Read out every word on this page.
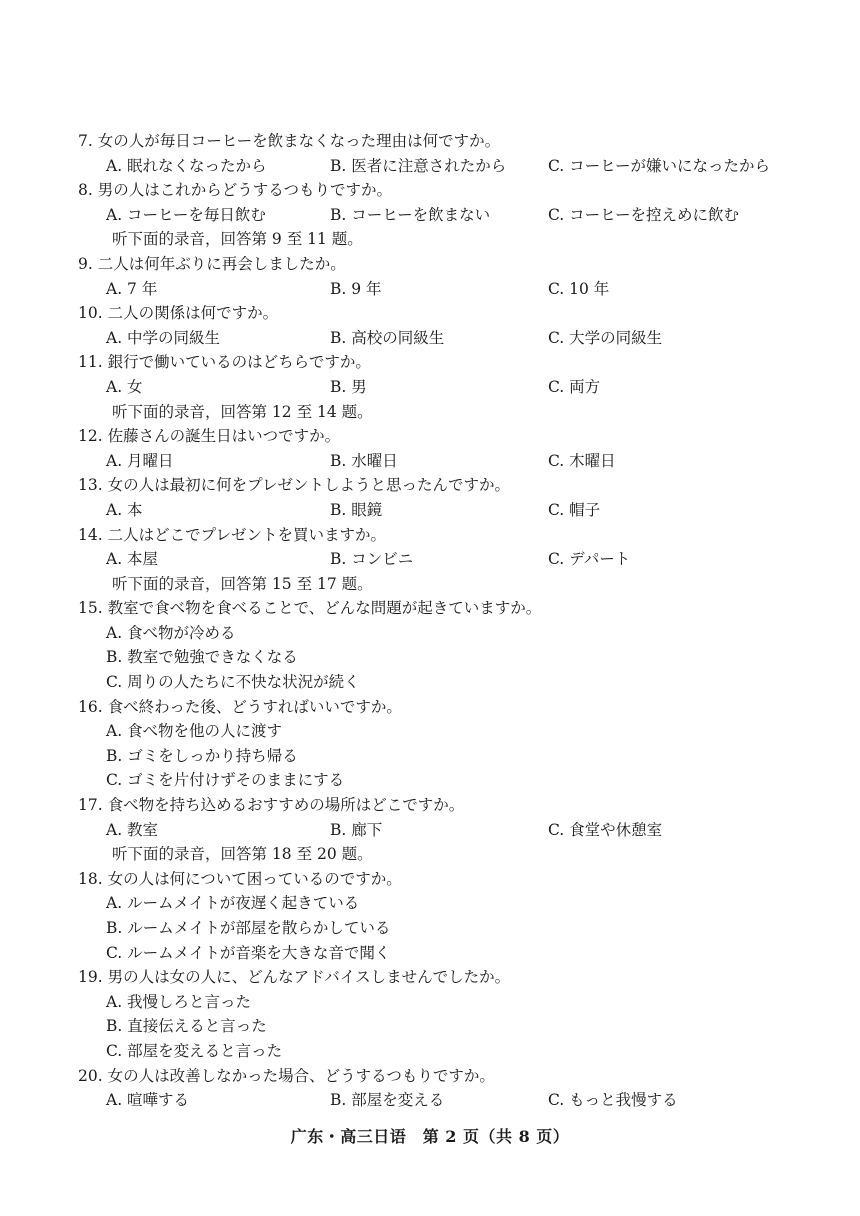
7. 女の人が毎日コーヒーを飲まなくなった理由は何ですか。
A. 眠れなくなったから	B. 医者に注意されたから	C. コーヒーが嫌いになったから
8. 男の人はこれからどうするつもりですか。
A. コーヒーを毎日飲む	B. コーヒーを飲まない	C. コーヒーを控えめに飲む
听下面的录音，回答第 9 至 11 题。
9. 二人は何年ぶりに再会しましたか。
A. 7 年	B. 9 年	C. 10 年
10. 二人の関係は何ですか。
A. 中学の同級生	B. 高校の同級生	C. 大学の同級生
11. 銀行で働いているのはどちらですか。
A. 女	B. 男	C. 両方
听下面的录音，回答第 12 至 14 题。
12. 佐藤さんの誕生日はいつですか。
A. 月曜日	B. 水曜日	C. 木曜日
13. 女の人は最初に何をプレゼントしようと思ったんですか。
A. 本	B. 眼鏡	C. 帽子
14. 二人はどこでプレゼントを買いますか。
A. 本屋	B. コンビニ	C. デパート
听下面的录音，回答第 15 至 17 题。
15. 教室で食べ物を食べることで、どんな問題が起きていますか。
A. 食べ物が冷める
B. 教室で勉強できなくなる
C. 周りの人たちに不快な状況が続く
16. 食べ終わった後、どうすればいいですか。
A. 食べ物を他の人に渡す
B. ゴミをしっかり持ち帰る
C. ゴミを片付けずそのままにする
17. 食べ物を持ち込めるおすすめの場所はどこですか。
A. 教室	B. 廊下	C. 食堂や休憩室
听下面的录音，回答第 18 至 20 题。
18. 女の人は何について困っているのですか。
A. ルームメイトが夜遅く起きている
B. ルームメイトが部屋を散らかしている
C. ルームメイトが音楽を大きな音で聞く
19. 男の人は女の人に、どんなアドバイスしませんでしたか。
A. 我慢しろと言った
B. 直接伝えると言った
C. 部屋を変えると言った
20. 女の人は改善しなかった場合、どうするつもりですか。
A. 喧嘩する	B. 部屋を変える	C. もっと我慢する
广东・高三日语　第 2 页（共 8 页）
